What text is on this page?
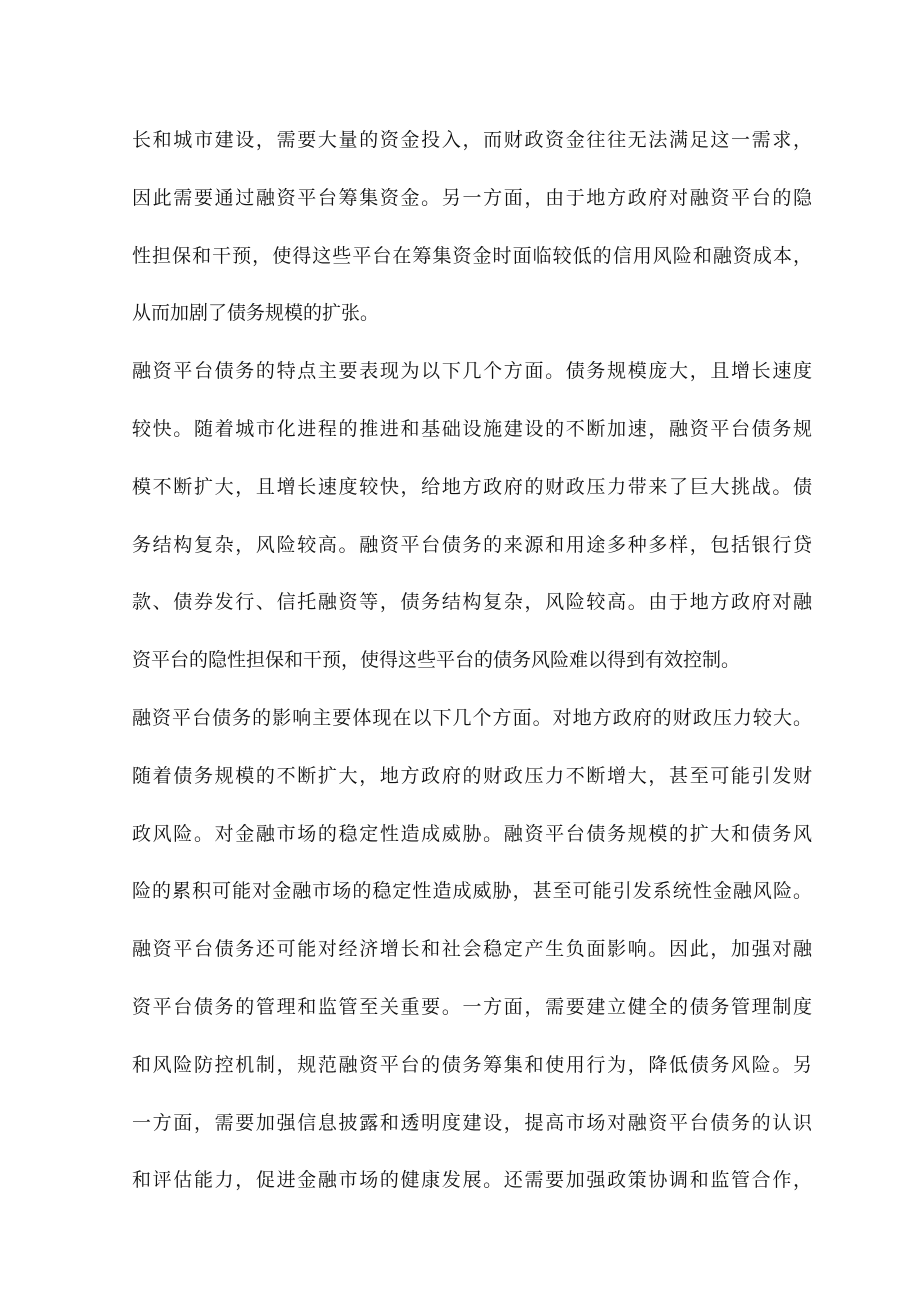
长和城市建设，需要大量的资金投入，而财政资金往往无法满足这一需求，
因此需要通过融资平台筹集资金。另一方面，由于地方政府对融资平台的隐
性担保和干预，使得这些平台在筹集资金时面临较低的信用风险和融资成本，
从而加剧了债务规模的扩张。
融资平台债务的特点主要表现为以下几个方面。债务规模庞大，且增长速度
较快。随着城市化进程的推进和基础设施建设的不断加速，融资平台债务规
模不断扩大，且增长速度较快，给地方政府的财政压力带来了巨大挑战。债
务结构复杂，风险较高。融资平台债务的来源和用途多种多样，包括银行贷
款、债券发行、信托融资等，债务结构复杂，风险较高。由于地方政府对融
资平台的隐性担保和干预，使得这些平台的债务风险难以得到有效控制。
融资平台债务的影响主要体现在以下几个方面。对地方政府的财政压力较大。
随着债务规模的不断扩大，地方政府的财政压力不断增大，甚至可能引发财
政风险。对金融市场的稳定性造成威胁。融资平台债务规模的扩大和债务风
险的累积可能对金融市场的稳定性造成威胁，甚至可能引发系统性金融风险。
融资平台债务还可能对经济增长和社会稳定产生负面影响。因此，加强对融
资平台债务的管理和监管至关重要。一方面，需要建立健全的债务管理制度
和风险防控机制，规范融资平台的债务筹集和使用行为，降低债务风险。另
一方面，需要加强信息披露和透明度建设，提高市场对融资平台债务的认识
和评估能力，促进金融市场的健康发展。还需要加强政策协调和监管合作，
